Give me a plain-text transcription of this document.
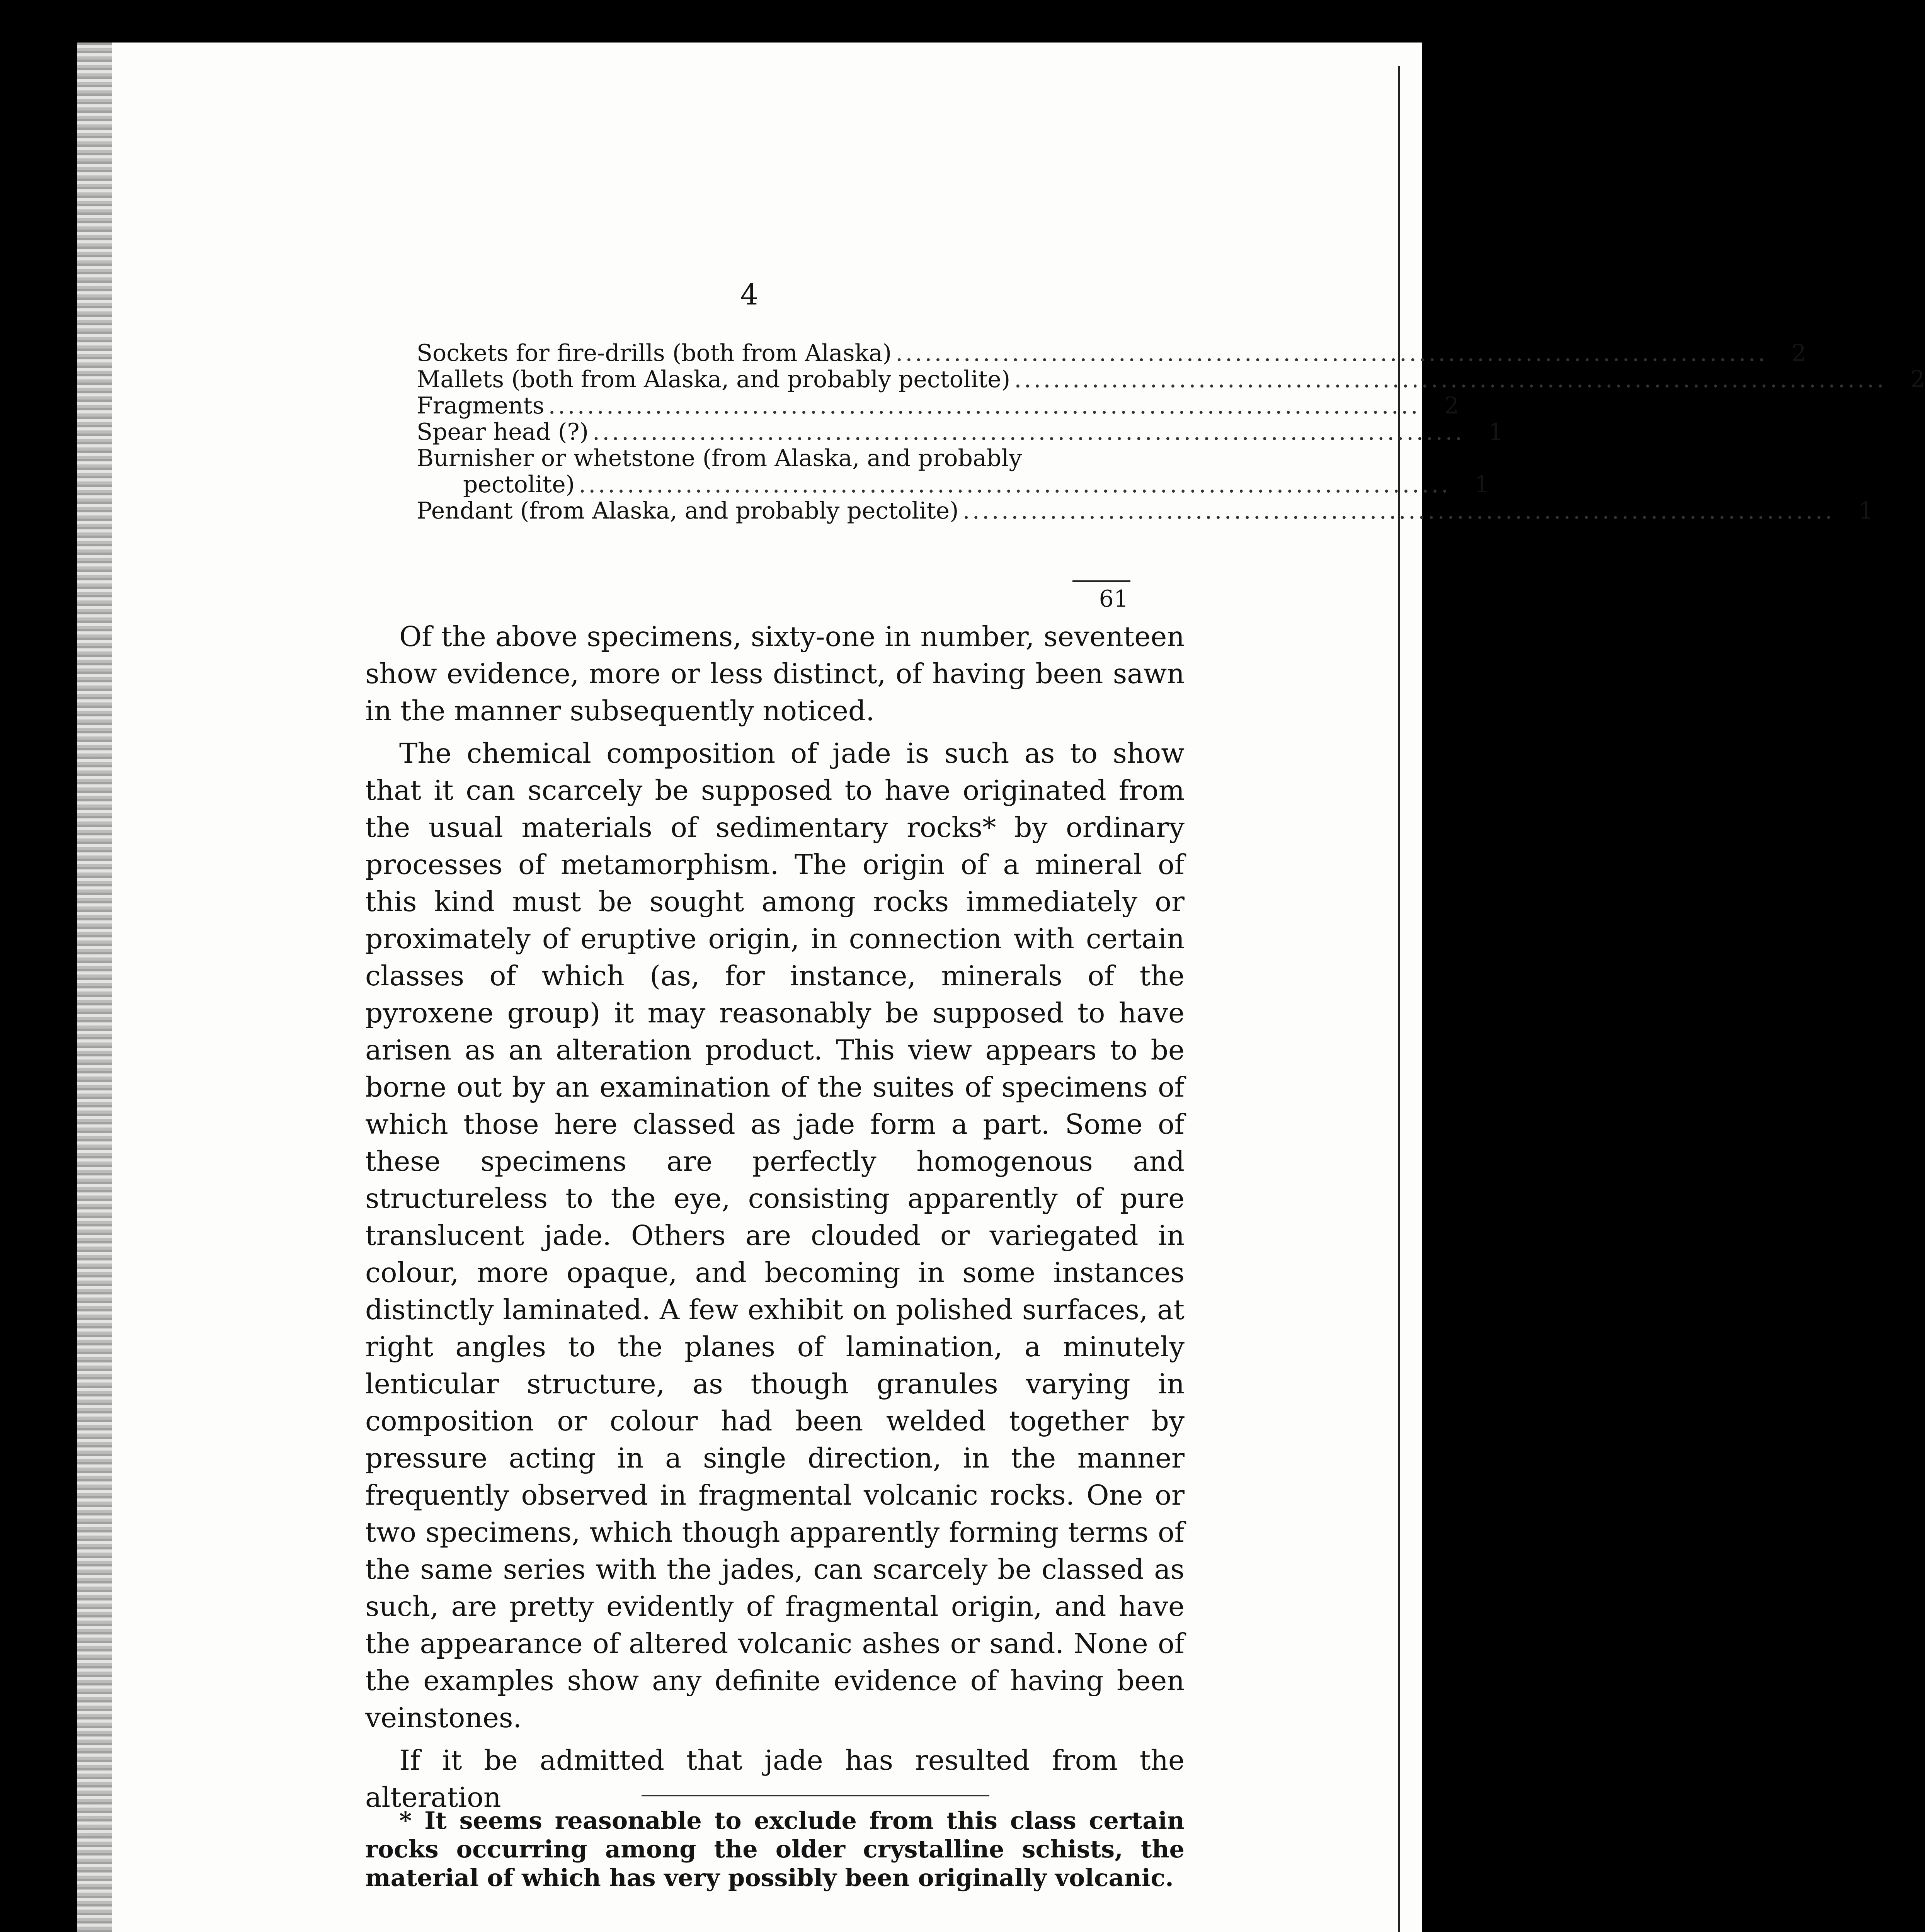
4
Sockets for fire-drills (both from Alaska) ..........................................................................................	2
Mallets (both from Alaska, and probably pectolite) ..........................................................................................	2
Fragments ..........................................................................................	2
Spear head (?) ..........................................................................................	1
Burnisher or whetstone (from Alaska, and probably
pectolite) ..........................................................................................	1
Pendant (from Alaska, and probably pectolite) ..........................................................................................	1
61

Of the above specimens, sixty-one in number, seventeen show evidence, more or less distinct, of having been sawn in the manner subsequently noticed.

The chemical composition of jade is such as to show that it can scarcely be supposed to have originated from the usual materials of sedimentary rocks* by ordinary processes of metamorphism. The origin of a mineral of this kind must be sought among rocks immediately or proximately of eruptive origin, in connection with certain classes of which (as, for instance, minerals of the pyroxene group) it may reasonably be supposed to have arisen as an alteration product. This view appears to be borne out by an examination of the suites of specimens of which those here classed as jade form a part. Some of these specimens are perfectly homogenous and structureless to the eye, consisting apparently of pure translucent jade. Others are clouded or variegated in colour, more opaque, and becoming in some instances distinctly laminated. A few exhibit on polished surfaces, at right angles to the planes of lamination, a minutely lenticular structure, as though granules varying in composition or colour had been welded together by pressure acting in a single direction, in the manner frequently observed in fragmental volcanic rocks. One or two specimens, which though apparently forming terms of the same series with the jades, can scarcely be classed as such, are pretty evidently of fragmental origin, and have the appearance of altered volcanic ashes or sand. None of the examples show any definite evidence of having been veinstones.

If it be admitted that jade has resulted from the alteration

* It seems reasonable to exclude from this class certain rocks occurring among the older crystalline schists, the material of which has very possibly been originally volcanic.
